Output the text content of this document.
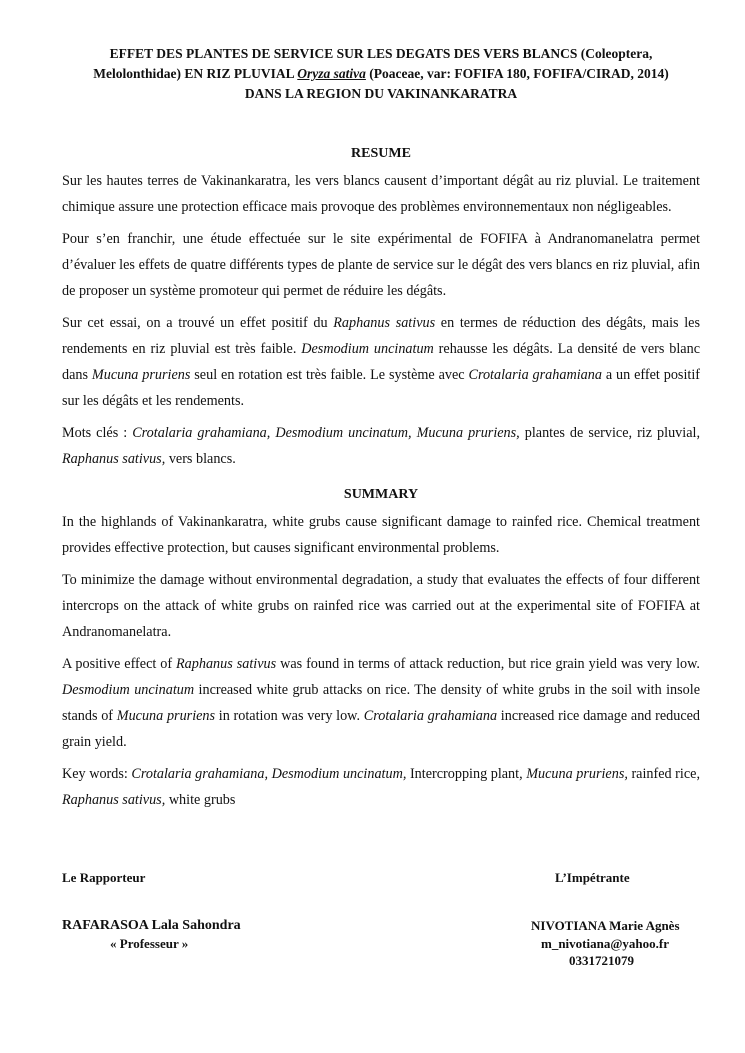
EFFET DES PLANTES DE SERVICE SUR LES DEGATS DES VERS BLANCS (Coleoptera,

Melolonthidae) EN RIZ PLUVIAL Oryza sativa (Poaceae, var: FOFIFA 180, FOFIFA/CIRAD, 2014)

DANS LA REGION DU VAKINANKARATRA

RESUME

Sur les hautes terres de Vakinankaratra, les vers blancs causent d’important dégât au riz pluvial. Le traitement chimique assure une protection efficace mais provoque des problèmes environnementaux non négligeables.

Pour s’en franchir, une étude effectuée sur le site expérimental de FOFIFA à Andranomanelatra permet d’évaluer les effets de quatre différents types de plante de service sur le dégât des vers blancs en riz pluvial, afin de proposer un système promoteur qui permet de réduire les dégâts.

Sur cet essai, on a trouvé un effet positif du Raphanus sativus en termes de réduction des dégâts, mais les rendements en riz pluvial est très faible. Desmodium uncinatum rehausse les dégâts. La densité de vers blanc dans Mucuna pruriens seul en rotation est très faible. Le système avec Crotalaria grahamiana a un effet positif sur les dégâts et les rendements.

Mots clés : Crotalaria grahamiana, Desmodium uncinatum, Mucuna pruriens, plantes de service, riz pluvial, Raphanus sativus, vers blancs.

SUMMARY

In the highlands of Vakinankaratra, white grubs cause significant damage to rainfed rice. Chemical treatment provides effective protection, but causes significant environmental problems.

To minimize the damage without environmental degradation, a study that evaluates the effects of four different intercrops on the attack of white grubs on rainfed rice was carried out at the experimental site of FOFIFA at Andranomanelatra.

A positive effect of Raphanus sativus was found in terms of attack reduction, but rice grain yield was very low. Desmodium uncinatum increased white grub attacks on rice. The density of white grubs in the soil with insole stands of Mucuna pruriens in rotation was very low. Crotalaria grahamiana increased rice damage and reduced grain yield.

Key words: Crotalaria grahamiana, Desmodium uncinatum, Intercropping plant, Mucuna pruriens, rainfed rice, Raphanus sativus, white grubs

Le Rapporteur	L’Impétrante
RAFARASOA Lala Sahondra
« Professeur »
NIVOTIANA Marie Agnès
m_nivotiana@yahoo.fr
0331721079
